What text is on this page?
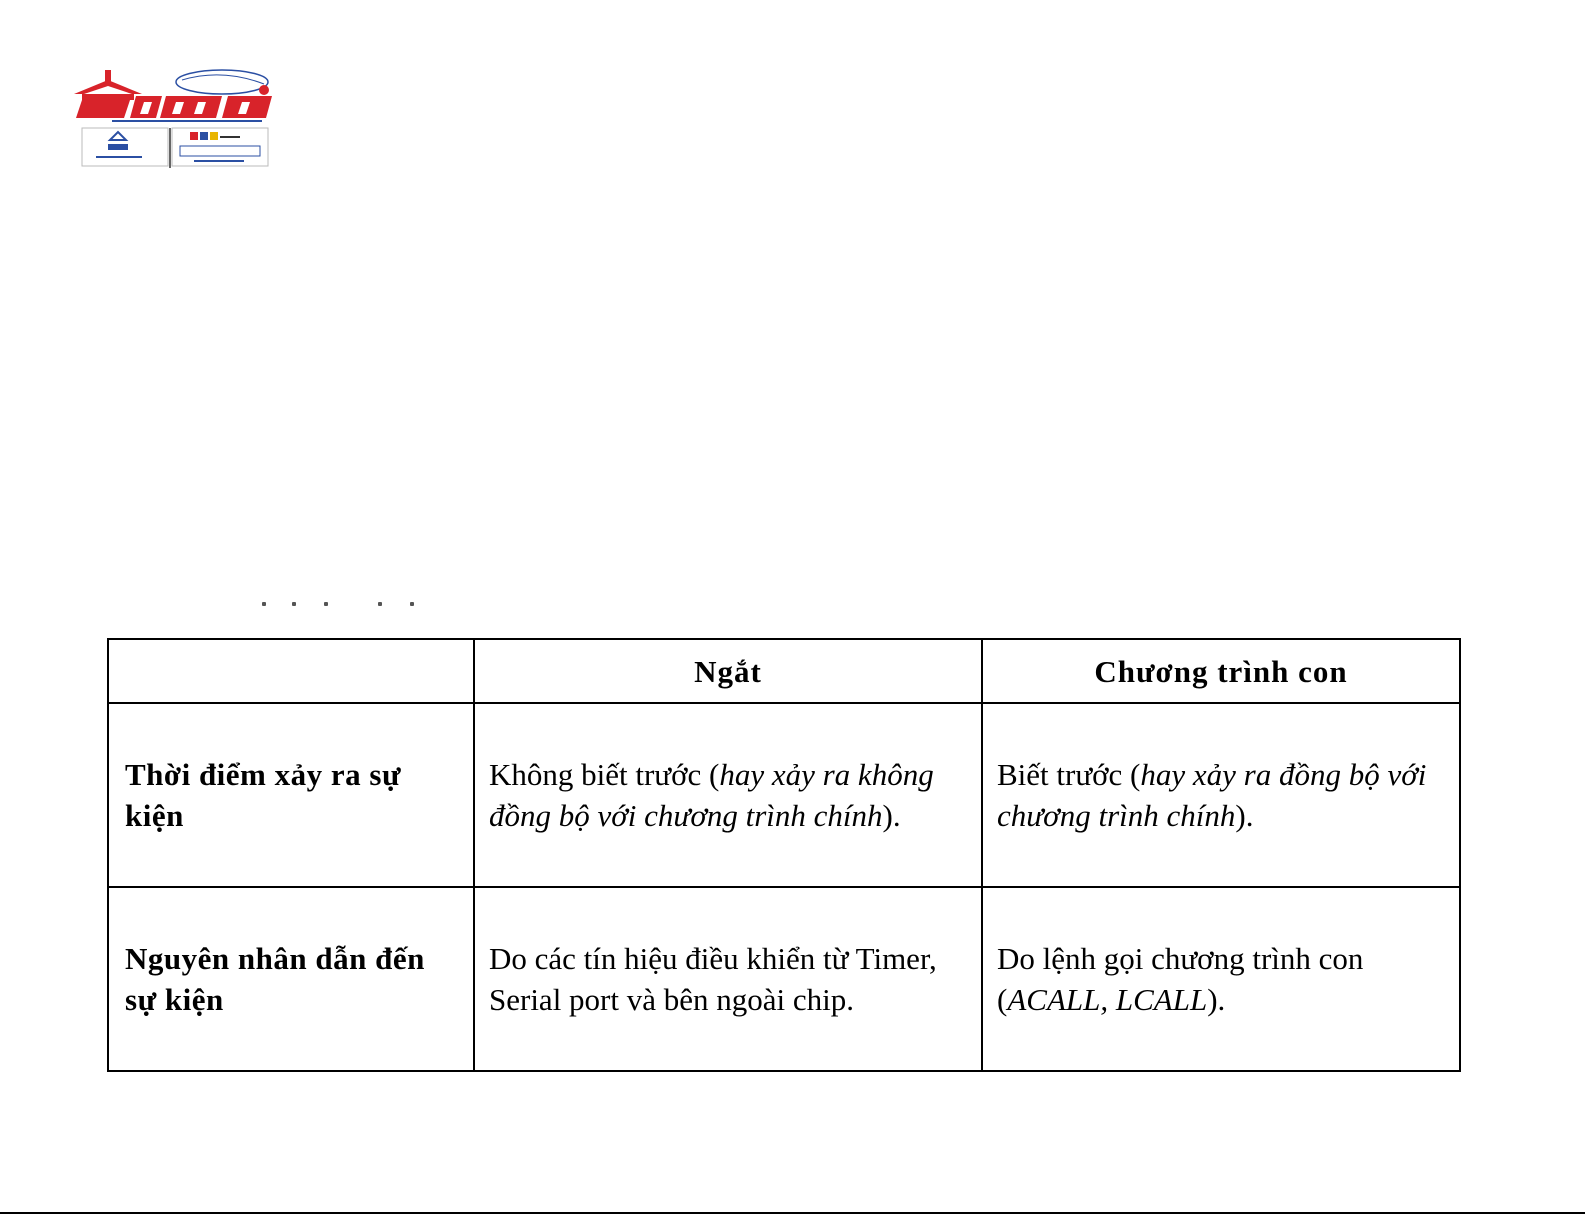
	Ngắt	Chương trình con
Thời điểm xảy ra sự kiện	Không biết trước (hay xảy ra không đồng bộ với chương trình chính).	Biết trước (hay xảy ra đồng bộ với chương trình chính).
Nguyên nhân dẫn đến sự kiện	Do các tín hiệu điều khiển từ Timer, Serial port và bên ngoài chip.	Do lệnh gọi chương trình con (ACALL, LCALL).
